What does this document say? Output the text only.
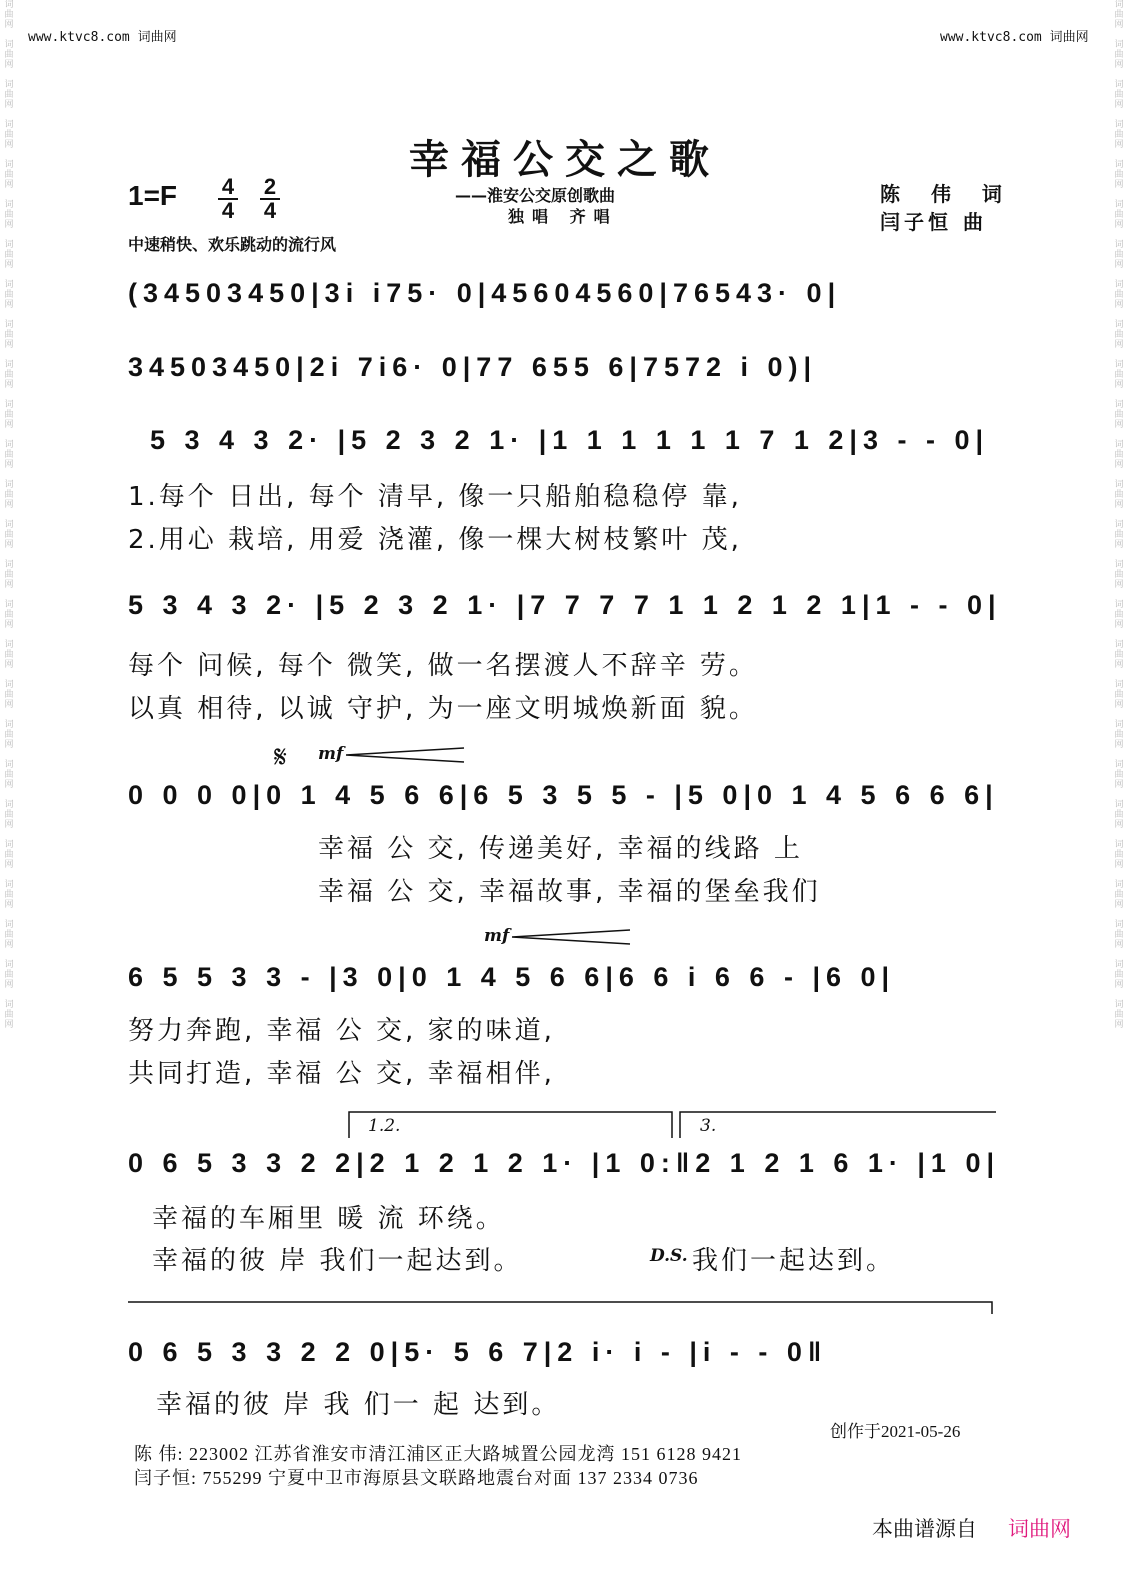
www.ktvc8.com 词曲网	www.ktvc8.com 词曲网
词
曲
网

词
曲
网

词
曲
网

词
曲
网

词
曲
网

词
曲
网

词
曲
网

词
曲
网

词
曲
网

词
曲
网

词
曲
网

词
曲
网

词
曲
网

词
曲
网

词
曲
网

词
曲
网

词
曲
网

词
曲
网

词
曲
网

词
曲
网

词
曲
网

词
曲
网

词
曲
网

词
曲
网

词
曲
网

词
曲
网

词
曲
网

词
曲
网

词
曲
网

词
曲
网

词
曲
网

词
曲
网

词
曲
网

词
曲
网

词
曲
网

词
曲
网

词
曲
网

词
曲
网

词
曲
网

词
曲
网

词
曲
网

词
曲
网

词
曲
网

词
曲
网

词
曲
网

词
曲
网

词
曲
网

词
曲
网

词
曲
网

词
曲
网

词
曲
网

词
曲
网

幸福公交之歌
——淮安公交原创歌曲
独唱 齐唱
1=F 4
4
2
4
陈 伟 词
闫子恒 曲
中速稍快、欢乐跳动的流行风
(34503450|3i i75· 0|45604560|76543· 0|
34503450|2i 7i6· 0|77 655 6|7572 i 0)|
5 3 4 3 2· |5 2 3 2 1· |1 1 1 1 1 1 7 1 2|3 - - 0|
1.每个 日出, 每个 清早, 像一只船舶稳稳停 靠,
2.用心 栽培, 用爱 浇灌, 像一棵大树枝繁叶 茂,
5 3 4 3 2· |5 2 3 2 1· |7 7 7 7 1 1 2 1 2 1|1 - - 0|
每个 问候, 每个 微笑, 做一名摆渡人不辞辛 劳。
以真 相待, 以诚 守护, 为一座文明城焕新面 貌。
𝄋 mf
0 0 0 0|0 1 4 5 6 6|6 5 3 5 5 - |5 0|0 1 4 5 6 6 6|
幸福 公 交, 传递美好, 幸福的线路 上
幸福 公 交, 幸福故事, 幸福的堡垒我们
mf
6 5 5 3 3 - |3 0|0 1 4 5 6 6|6 6 i 6 6 - |6 0|
努力奔跑, 幸福 公 交, 家的味道,
共同打造, 幸福 公 交, 幸福相伴,
1.2.	3.
0 6 5 3 3 2 2|2 1 2 1 2 1· |1 0:‖2 1 2 1 6 1· |1 0|
幸福的车厢里 暖 流 环绕。
幸福的彼 岸 我们一起达到。	D.S. 我们一起达到。
0 6 5 3 3 2 2 0|5· 5 6 7|2 i· i - |i - - 0‖
幸福的彼 岸 我 们一 起 达到。
创作于2021-05-26
陈 伟: 223002 江苏省淮安市清江浦区正大路城置公园龙湾 151 6128 9421
闫子恒: 755299 宁夏中卫市海原县文联路地震台对面 137 2334 0736
本曲谱源自 词曲网
